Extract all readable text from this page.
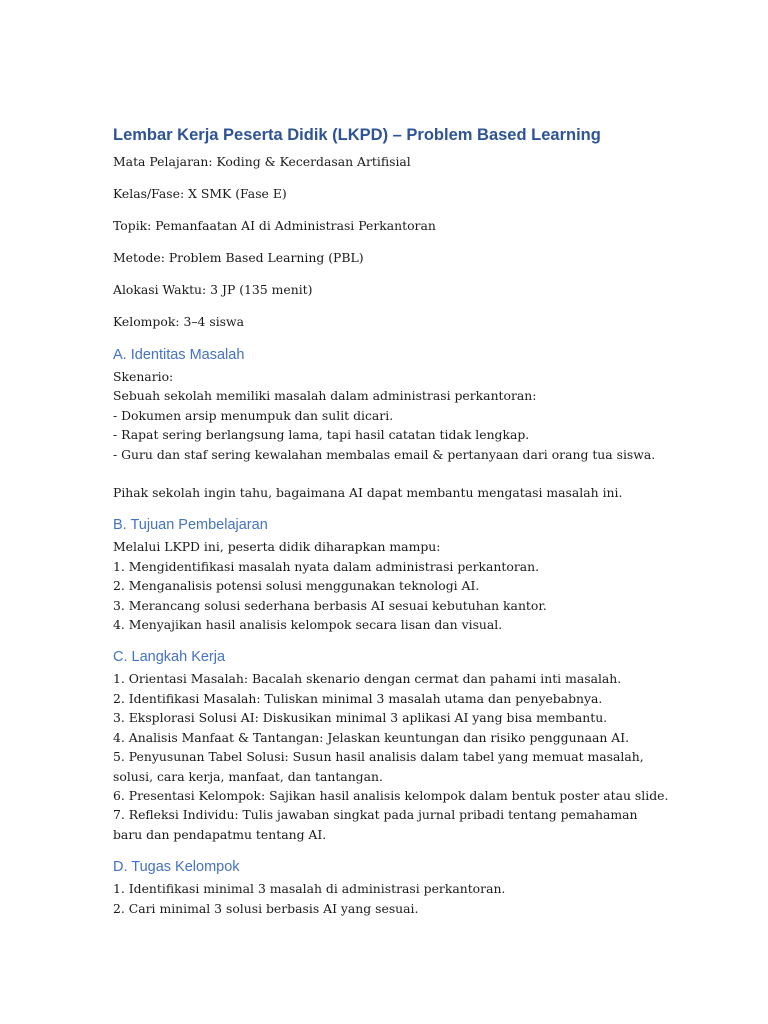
Lembar Kerja Peserta Didik (LKPD) – Problem Based Learning

Mata Pelajaran: Koding & Kecerdasan Artifisial

Kelas/Fase: X SMK (Fase E)

Topik: Pemanfaatan AI di Administrasi Perkantoran

Metode: Problem Based Learning (PBL)

Alokasi Waktu: 3 JP (135 menit)

Kelompok: 3–4 siswa

A. Identitas Masalah

Skenario:

Sebuah sekolah memiliki masalah dalam administrasi perkantoran:

- Dokumen arsip menumpuk dan sulit dicari.

- Rapat sering berlangsung lama, tapi hasil catatan tidak lengkap.

- Guru dan staf sering kewalahan membalas email & pertanyaan dari orang tua siswa.

Pihak sekolah ingin tahu, bagaimana AI dapat membantu mengatasi masalah ini.

B. Tujuan Pembelajaran

Melalui LKPD ini, peserta didik diharapkan mampu:

1. Mengidentifikasi masalah nyata dalam administrasi perkantoran.

2. Menganalisis potensi solusi menggunakan teknologi AI.

3. Merancang solusi sederhana berbasis AI sesuai kebutuhan kantor.

4. Menyajikan hasil analisis kelompok secara lisan dan visual.

C. Langkah Kerja

1. Orientasi Masalah: Bacalah skenario dengan cermat dan pahami inti masalah.

2. Identifikasi Masalah: Tuliskan minimal 3 masalah utama dan penyebabnya.

3. Eksplorasi Solusi AI: Diskusikan minimal 3 aplikasi AI yang bisa membantu.

4. Analisis Manfaat & Tantangan: Jelaskan keuntungan dan risiko penggunaan AI.

5. Penyusunan Tabel Solusi: Susun hasil analisis dalam tabel yang memuat masalah, solusi, cara kerja, manfaat, dan tantangan.

6. Presentasi Kelompok: Sajikan hasil analisis kelompok dalam bentuk poster atau slide.

7. Refleksi Individu: Tulis jawaban singkat pada jurnal pribadi tentang pemahaman baru dan pendapatmu tentang AI.

D. Tugas Kelompok

1. Identifikasi minimal 3 masalah di administrasi perkantoran.

2. Cari minimal 3 solusi berbasis AI yang sesuai.
